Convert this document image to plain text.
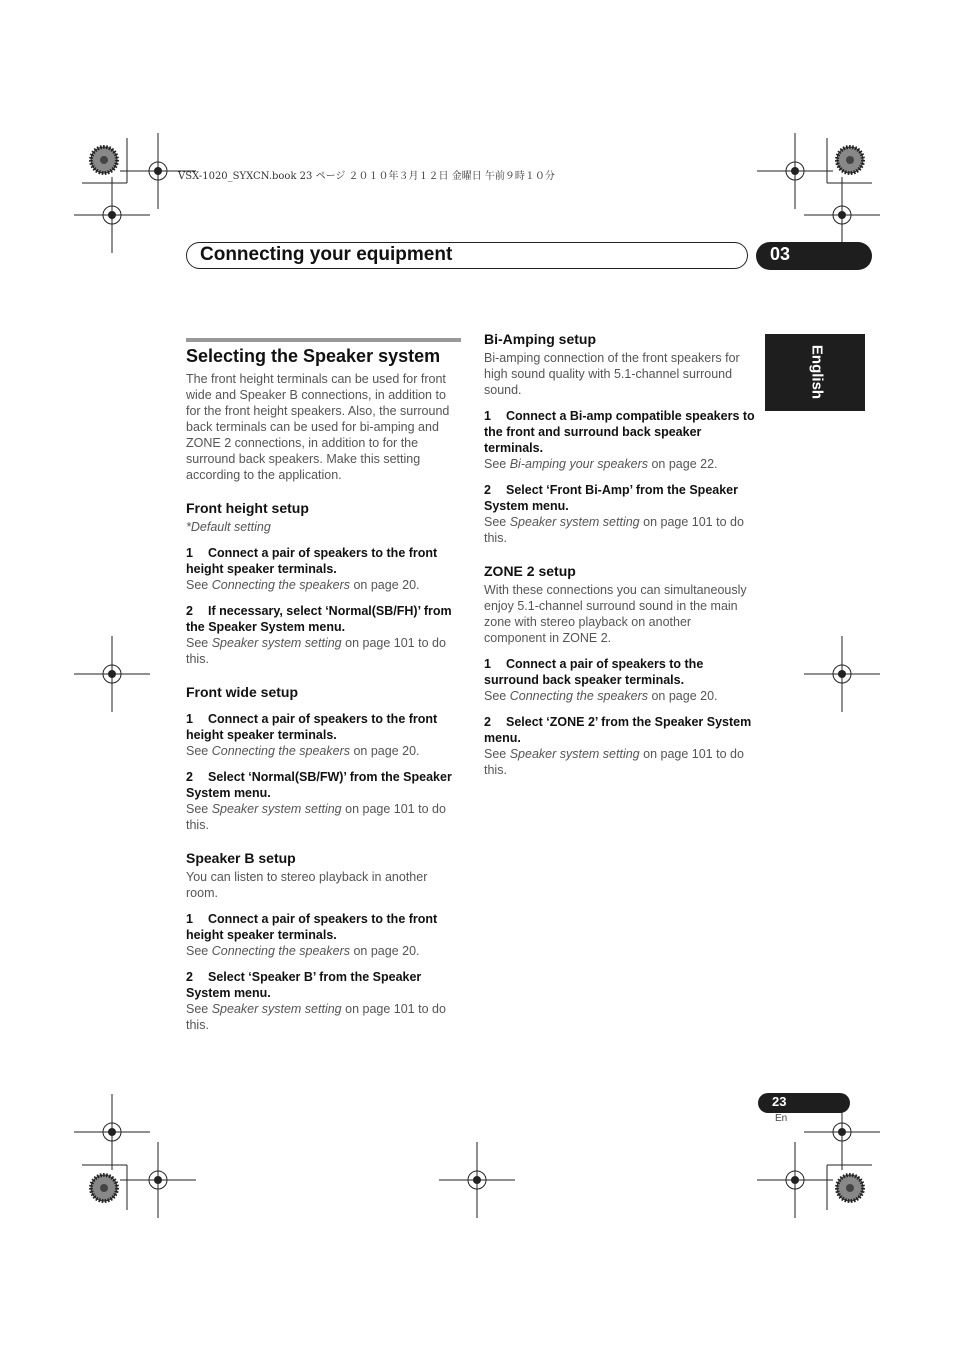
VSX-1020_SYXCN.book 23 ページ ２０１０年３月１２日 金曜日 午前９時１０分
Connecting your equipment	03
English
Selecting the Speaker system

The front height terminals can be used for front wide and Speaker B connections, in addition to for the front height speakers. Also, the surround back terminals can be used for bi-amping and ZONE 2 connections, in addition to for the surround back speakers. Make this setting according to the application.

Front height setup

*Default setting

1 Connect a pair of speakers to the front height speaker terminals.

See Connecting the speakers on page 20.

2 If necessary, select ‘Normal(SB/FH)’ from the Speaker System menu.

See Speaker system setting on page 101 to do this.

Front wide setup

1 Connect a pair of speakers to the front height speaker terminals.

See Connecting the speakers on page 20.

2 Select ‘Normal(SB/FW)’ from the Speaker System menu.

See Speaker system setting on page 101 to do this.

Speaker B setup

You can listen to stereo playback in another room.

1 Connect a pair of speakers to the front height speaker terminals.

See Connecting the speakers on page 20.

2 Select ‘Speaker B’ from the Speaker System menu.

See Speaker system setting on page 101 to do this.

Bi-Amping setup

Bi-amping connection of the front speakers for high sound quality with 5.1-channel surround sound.

1 Connect a Bi-amp compatible speakers to the front and surround back speaker terminals.

See Bi-amping your speakers on page 22.

2 Select ‘Front Bi-Amp’ from the Speaker System menu.

See Speaker system setting on page 101 to do this.

ZONE 2 setup

With these connections you can simultaneously enjoy 5.1-channel surround sound in the main zone with stereo playback on another component in ZONE 2.

1 Connect a pair of speakers to the surround back speaker terminals.

See Connecting the speakers on page 20.

2 Select ‘ZONE 2’ from the Speaker System menu.

See Speaker system setting on page 101 to do this.

23
En
